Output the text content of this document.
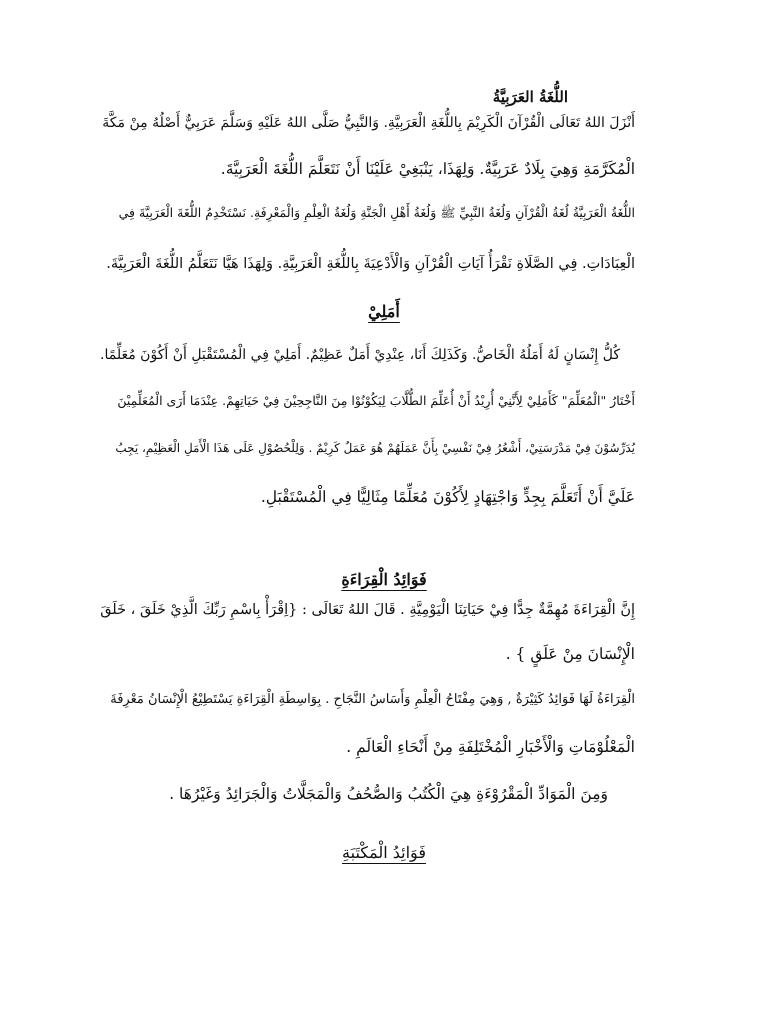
اللُّغَةُ العَرَبِيَّةُ
أَنْزَلَ اللهُ تَعَالَى الْقُرْآنَ الْكَرِيْمَ بِاللُّغَةِ الْعَرَبِيَّةِ. وَالنَّبِيُّ صَلَّى اللهُ عَلَيْهِ وَسَلَّمَ عَرَبِيٌّ أَصْلُهُ مِنْ مَكَّةَ
الْمُكَرَّمَةِ وَهِيَ بِلَادٌ عَرَبِيَّةٌ. وَلِهَذَا، يَنْبَغِيْ عَلَيْنَا أَنْ نَتَعَلَّمَ اللُّغَةَ الْعَرَبِيَّةَ.
اللُّغَةُ الْعَرَبِيَّةُ لُغَةُ الْقُرْآنِ وَلُغَةُ النَّبِيِّ ﷺ وَلُغَةُ أَهْلِ الْجَنَّةِ وَلُغَةُ الْعِلْمِ وَالْمَعْرِفَةِ. نَسْتَخْدِمُ اللُّغَةَ الْعَرَبِيَّةَ فِي
الْعِبَادَاتِ. فِي الصَّلَاةِ نَقْرَأُ آيَاتِ الْقُرْآنِ وَالْأَدْعِيَةَ بِاللُّغَةِ الْعَرَبِيَّةِ. وَلِهَذَا هَيَّا نَتَعَلَّمُ اللُّغَةَ الْعَرَبِيَّةَ.
أَمَلِيْ
كُلُّ إِنْسَانٍ لَهُ أَمَلُهُ الْخَاصُّ. وَكَذَلِكَ أَنَا، عِنْدِيْ أَمَلٌ عَظِيْمٌ. أَمَلِيْ فِي الْمُسْتَقْبَلِ أَنْ أَكُوْنَ مُعَلِّمًا.
أَخْتَارُ "الْمُعَلِّمَ" كَأَمَلِيْ لِأَنَّنِيْ أُرِيْدُ أَنْ أُعَلِّمَ الطُّلَّابَ لِيَكُوْنُوْا مِنَ النَّاجِحِيْنَ فِيْ حَيَاتِهِمْ. عِنْدَمَا أَرَى الْمُعَلِّمِيْنَ
يُدَرِّسُوْنَ فِيْ مَدْرَسَتِيْ، أَشْعُرُ فِيْ نَفْسِيْ بِأَنَّ عَمَلَهُمْ هُوَ عَمَلٌ كَرِيْمٌ . وَلِلْحُصُوْلِ عَلَى هَذَا الْأَمَلِ الْعَظِيْمِ، يَجِبُ
عَلَيَّ أَنْ أَتَعَلَّمَ بِجِدٍّ وَاجْتِهَادٍ لِأَكُوْنَ مُعَلِّمًا مِثَالِيًّا فِي الْمُسْتَقْبَلِ.
فَوَائِدُ الْقِرَاءَةِ
إِنَّ الْقِرَاءَةَ مُهِمَّةٌ جِدًّا فِيْ حَيَاتِنَا الْيَوْمِيَّةِ . قَالَ اللهُ تَعَالَى : {اِقْرَأْ بِاسْمِ رَبِّكَ الَّذِيْ خَلَقَ ، خَلَقَ
الْإِنْسَانَ مِنْ عَلَقٍ } .
الْقِرَاءَةُ لَهَا فَوَائِدُ كَثِيْرَةٌ , وَهِيَ مِفْتَاحُ الْعِلْمِ وَأَسَاسُ النَّجَاحِ . بِوَاسِطَةِ الْقِرَاءَةِ يَسْتَطِيْعُ الْإِنْسَانُ مَعْرِفَةَ
الْمَعْلُوْمَاتِ وَالْأَخْبَارِ الْمُخْتَلِفَةِ مِنْ أَنْحَاءِ الْعَالَمِ .
وَمِنَ الْمَوَادِّ الْمَقْرُوْءَةِ هِيَ الْكُتُبُ وَالصُّحُفُ وَالْمَجَلَّاتُ وَالْجَرَائِدُ وَغَيْرُهَا .
فَوَائِدُ الْمَكْتَبَةِ
